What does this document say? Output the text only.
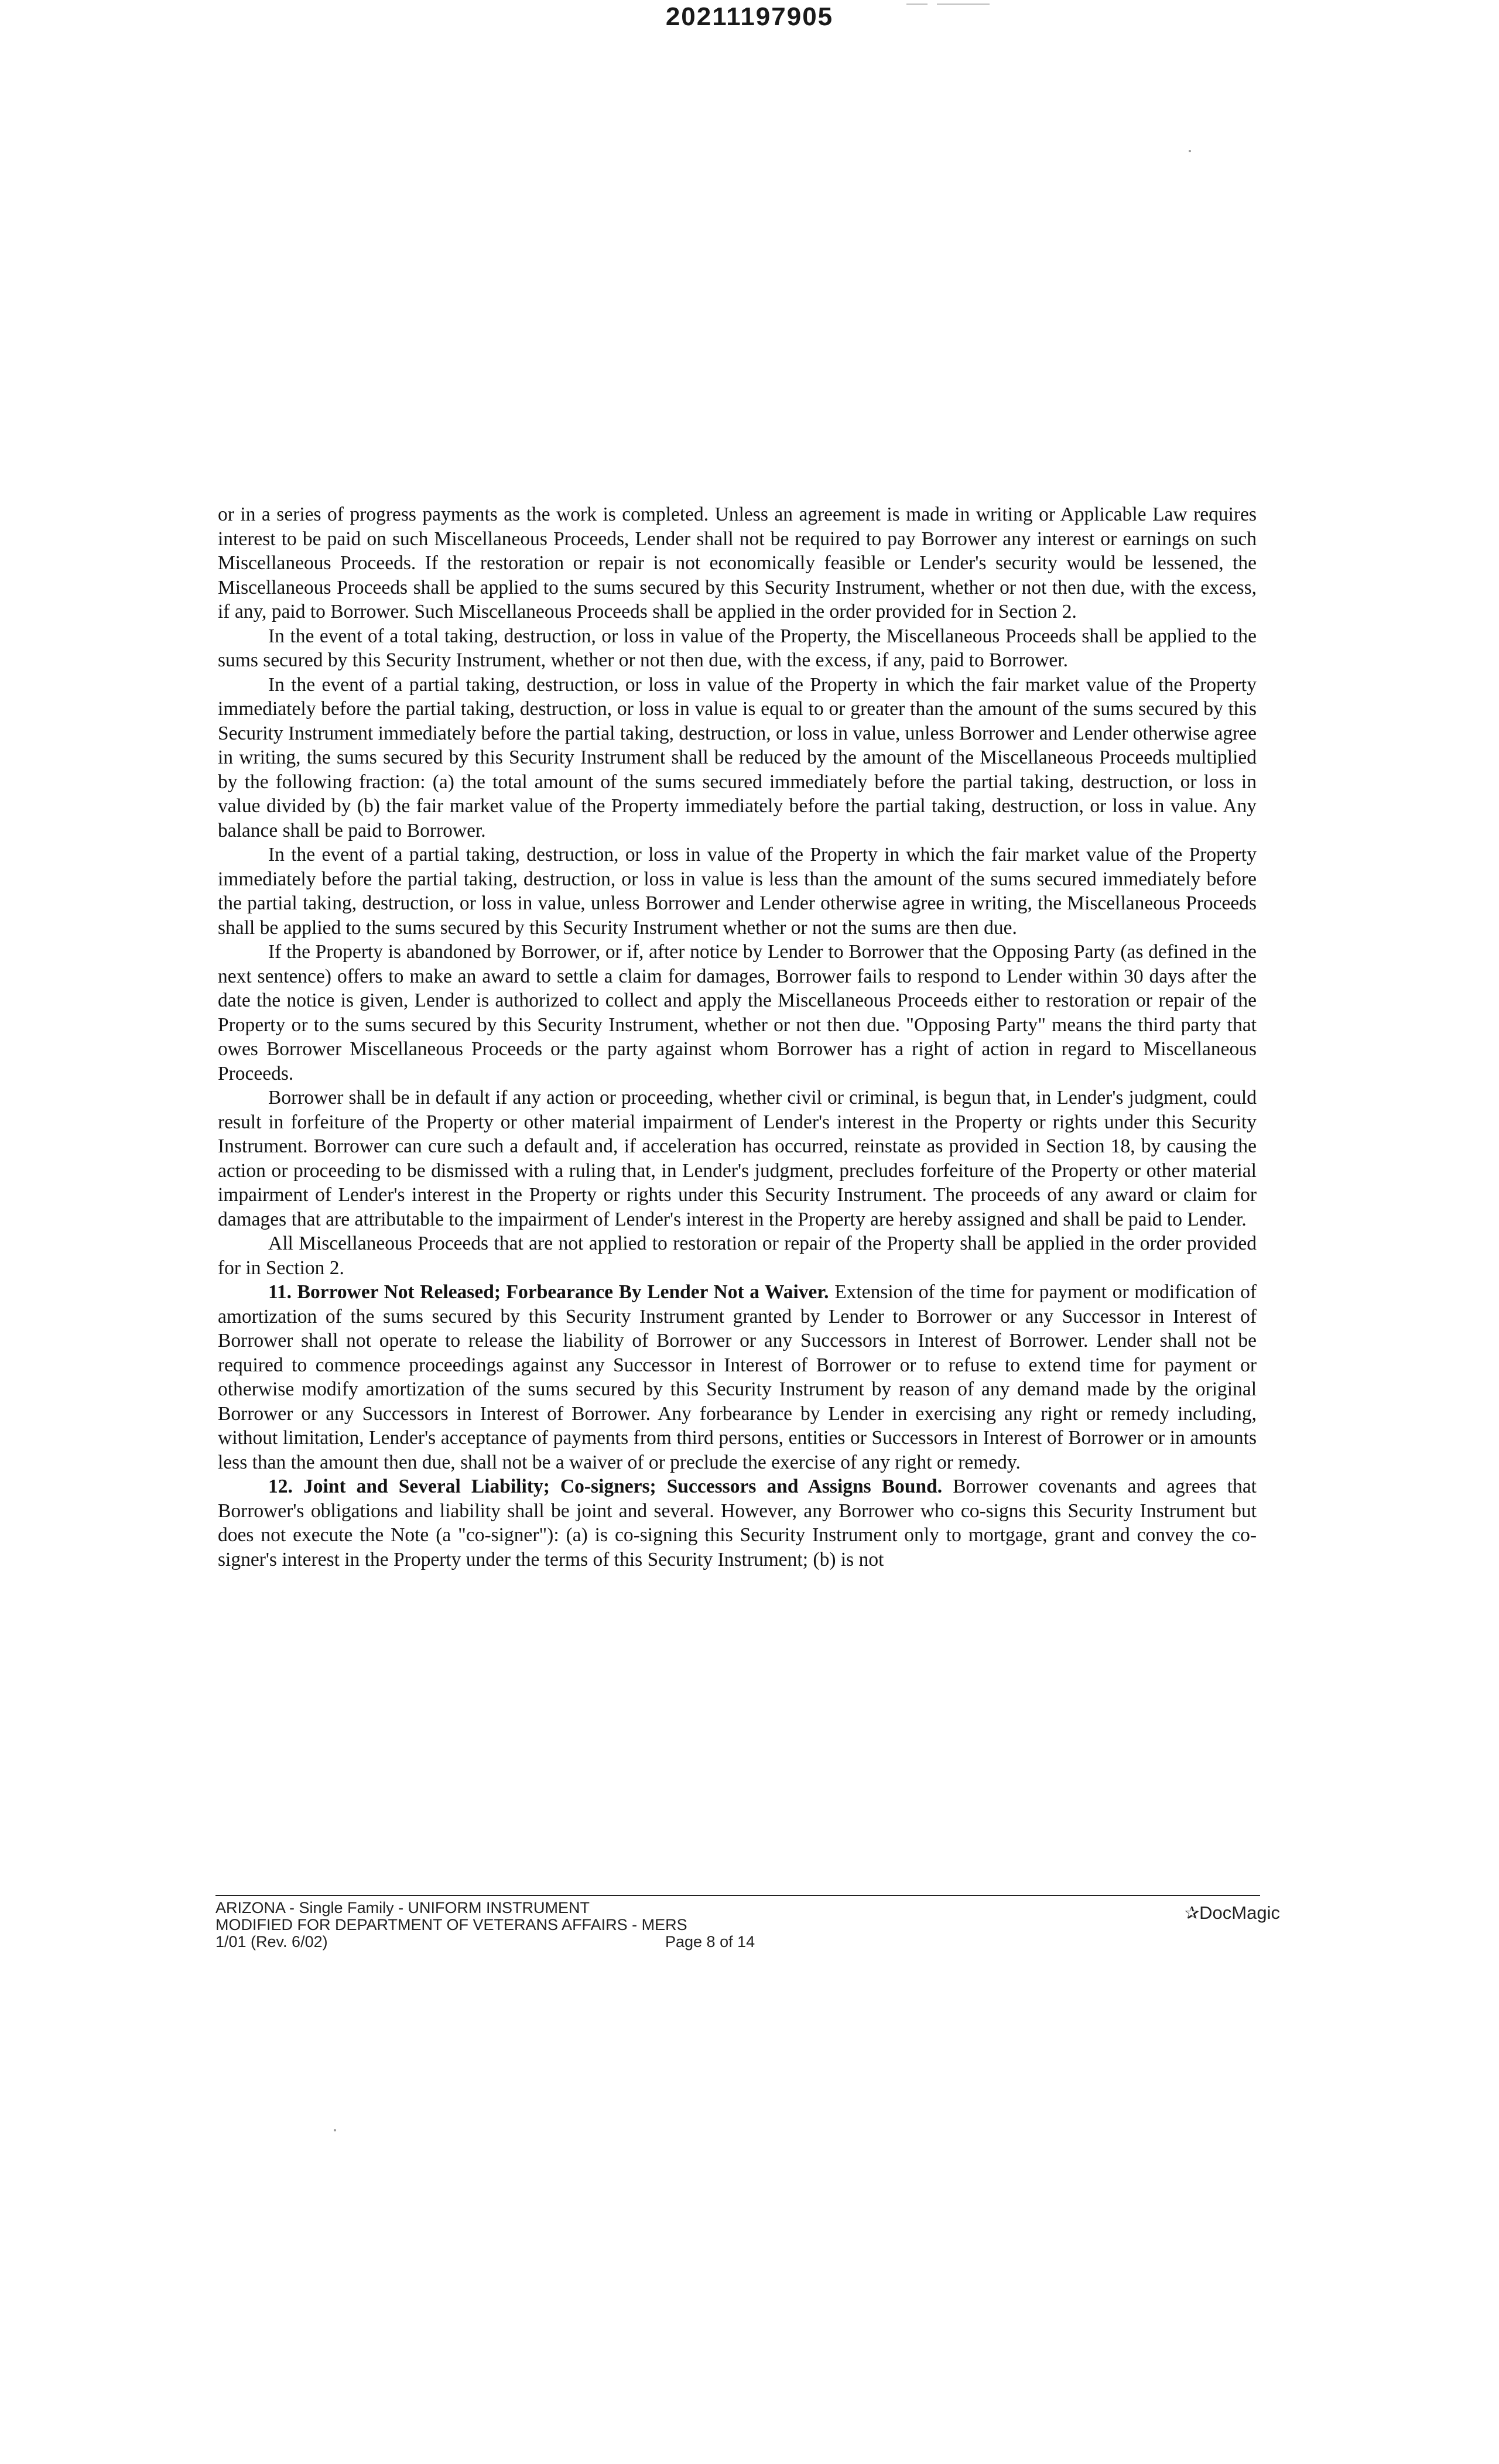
20211197905

or in a series of progress payments as the work is completed. Unless an agreement is made in writing or Applicable Law requires interest to be paid on such Miscellaneous Proceeds, Lender shall not be required to pay Borrower any interest or earnings on such Miscellaneous Proceeds. If the restoration or repair is not economically feasible or Lender's security would be lessened, the Miscellaneous Proceeds shall be applied to the sums secured by this Security Instrument, whether or not then due, with the excess, if any, paid to Borrower. Such Miscellaneous Proceeds shall be applied in the order provided for in Section 2.

In the event of a total taking, destruction, or loss in value of the Property, the Miscellaneous Proceeds shall be applied to the sums secured by this Security Instrument, whether or not then due, with the excess, if any, paid to Borrower.

In the event of a partial taking, destruction, or loss in value of the Property in which the fair market value of the Property immediately before the partial taking, destruction, or loss in value is equal to or greater than the amount of the sums secured by this Security Instrument immediately before the partial taking, destruction, or loss in value, unless Borrower and Lender otherwise agree in writing, the sums secured by this Security Instrument shall be reduced by the amount of the Miscellaneous Proceeds multiplied by the following fraction: (a) the total amount of the sums secured immediately before the partial taking, destruction, or loss in value divided by (b) the fair market value of the Property immediately before the partial taking, destruction, or loss in value. Any balance shall be paid to Borrower.

In the event of a partial taking, destruction, or loss in value of the Property in which the fair market value of the Property immediately before the partial taking, destruction, or loss in value is less than the amount of the sums secured immediately before the partial taking, destruction, or loss in value, unless Borrower and Lender otherwise agree in writing, the Miscellaneous Proceeds shall be applied to the sums secured by this Security Instrument whether or not the sums are then due.

If the Property is abandoned by Borrower, or if, after notice by Lender to Borrower that the Opposing Party (as defined in the next sentence) offers to make an award to settle a claim for damages, Borrower fails to respond to Lender within 30 days after the date the notice is given, Lender is authorized to collect and apply the Miscellaneous Proceeds either to restoration or repair of the Property or to the sums secured by this Security Instrument, whether or not then due. "Opposing Party" means the third party that owes Borrower Miscellaneous Proceeds or the party against whom Borrower has a right of action in regard to Miscellaneous Proceeds.

Borrower shall be in default if any action or proceeding, whether civil or criminal, is begun that, in Lender's judgment, could result in forfeiture of the Property or other material impairment of Lender's interest in the Property or rights under this Security Instrument. Borrower can cure such a default and, if acceleration has occurred, reinstate as provided in Section 18, by causing the action or proceeding to be dismissed with a ruling that, in Lender's judgment, precludes forfeiture of the Property or other material impairment of Lender's interest in the Property or rights under this Security Instrument. The proceeds of any award or claim for damages that are attributable to the impairment of Lender's interest in the Property are hereby assigned and shall be paid to Lender.

All Miscellaneous Proceeds that are not applied to restoration or repair of the Property shall be applied in the order provided for in Section 2.

11. Borrower Not Released; Forbearance By Lender Not a Waiver. Extension of the time for payment or modification of amortization of the sums secured by this Security Instrument granted by Lender to Borrower or any Successor in Interest of Borrower shall not operate to release the liability of Borrower or any Successors in Interest of Borrower. Lender shall not be required to commence proceedings against any Successor in Interest of Borrower or to refuse to extend time for payment or otherwise modify amortization of the sums secured by this Security Instrument by reason of any demand made by the original Borrower or any Successors in Interest of Borrower. Any forbearance by Lender in exercising any right or remedy including, without limitation, Lender's acceptance of payments from third persons, entities or Successors in Interest of Borrower or in amounts less than the amount then due, shall not be a waiver of or preclude the exercise of any right or remedy.

12. Joint and Several Liability; Co-signers; Successors and Assigns Bound. Borrower covenants and agrees that Borrower's obligations and liability shall be joint and several. However, any Borrower who co-signs this Security Instrument but does not execute the Note (a "co-signer"): (a) is co-signing this Security Instrument only to mortgage, grant and convey the co-signer's interest in the Property under the terms of this Security Instrument; (b) is not

ARIZONA - Single Family - UNIFORM INSTRUMENT
MODIFIED FOR DEPARTMENT OF VETERANS AFFAIRS - MERS
1/01 (Rev. 6/02)	Page 8 of 14
✰DocMagic
